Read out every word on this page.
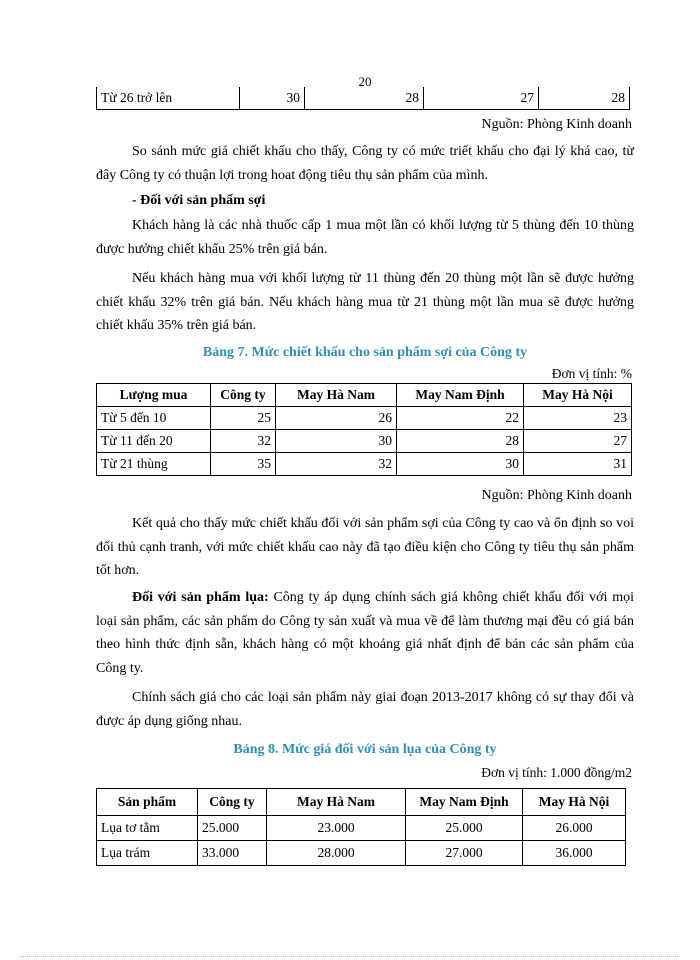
20
Từ 26 trở lên	30	28	27	28
Nguồn: Phòng Kinh doanh
So sánh mức giá chiết khấu cho thấy, Công ty có mức triết khấu cho đại lý khá cao, từ đây Công ty có thuận lợi trong hoat động tiêu thụ sản phẩm của mình.
- Đối với sản phẩm sợi
Khách hàng là các nhà thuốc cấp 1 mua một lần có khối lượng từ 5 thùng đến 10 thùng được hưởng chiết khấu 25% trên giá bán.
Nếu khách hàng mua với khối lượng từ 11 thùng đến 20 thùng một lần sẽ được hưởng chiết khấu 32% trên giá bán. Nếu khách hàng mua từ 21 thùng một lần mua sẽ được hưởng chiết khấu 35% trên giá bán.
Bảng 7. Mức chiết khấu cho sản phẩm sợi của Công ty
Đơn vị tính: %
Lượng mua	Công ty	May Hà Nam	May Nam Định	May Hà Nội
Từ 5 đến 10	25	26	22	23
Từ 11 đến 20	32	30	28	27
Từ 21 thùng	35	32	30	31
Nguồn: Phòng Kinh doanh
Kết quả cho thấy mức chiết khấu đối với sản phẩm sợi của Công ty cao và ổn định so voi đối thủ cạnh tranh, với mức chiết khấu cao này đã tạo điều kiện cho Công ty tiêu thụ sản phẩm tốt hơn.
Đối với sản phẩm lụa: Công ty áp dụng chính sách giá không chiết khấu đối với mọi loại sản phẩm, các sản phẩm do Công ty sản xuất và mua về để làm thương mại đều có giá bán theo hình thức định sẵn, khách hàng có một khoảng giá nhất định để bán các sản phẩm của Công ty.
Chính sách giá cho các loại sản phẩm này giai đoạn 2013-2017 không có sự thay đổi và được áp dụng giống nhau.
Bảng 8. Mức giá đối với sản lụa của Công ty
Đơn vị tính: 1.000 đồng/m2
Sản phẩm	Công ty	May Hà Nam	May Nam Định	May Hà Nội
Lụa tơ tằm	25.000	23.000	25.000	26.000
Lụa trám	33.000	28.000	27.000	36.000
